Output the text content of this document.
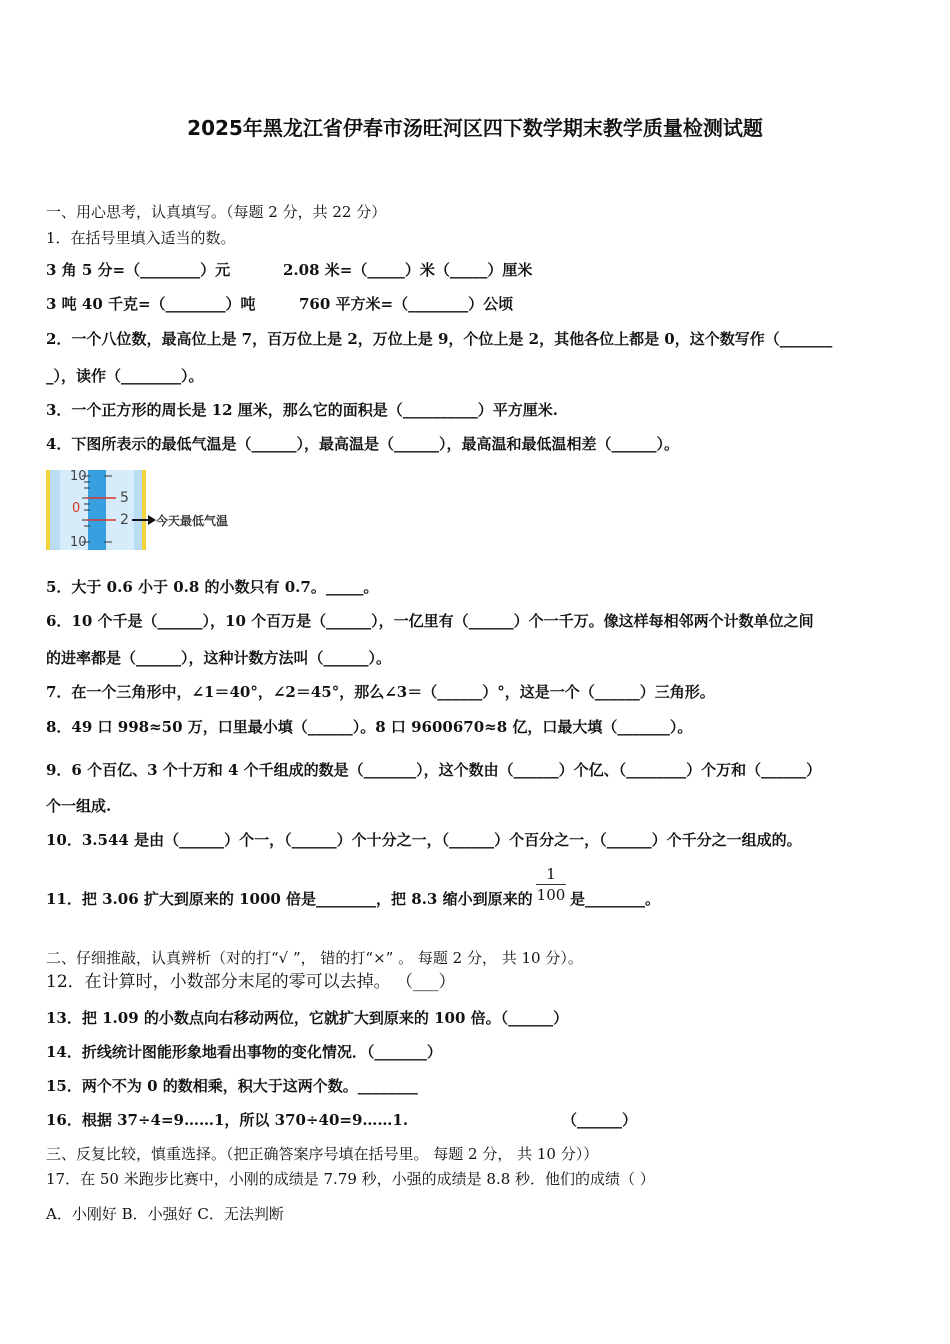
2025年黑龙江省伊春市汤旺河区四下数学期末教学质量检测试题
一、用心思考，认真填写。（每题 2 分，共 22 分）
1．在括号里填入适当的数。
3 角 5 分=（________）元	2.08 米=（_____）米（_____）厘米
3 吨 40 千克=（________）吨	760 平方米=（________）公顷
2．一个八位数，最高位上是 7，百万位上是 2，万位上是 9，个位上是 2，其他各位上都是 0，这个数写作（_______
_），读作（________）。
3．一个正方形的周长是 12 厘米，那么它的面积是（__________）平方厘米.
4．下图所表示的最低气温是（______），最高温是（______），最高温和最低温相差（______）。
10
5
0
2
10
今天最低气温
5．大于 0.6 小于 0.8 的小数只有 0.7。_____。
6．10 个千是（______），10 个百万是（______），一亿里有（______）个一千万。像这样每相邻两个计数单位之间
的进率都是（______），这种计数方法叫（______）。
7．在一个三角形中，∠1＝40°，∠2＝45°，那么∠3＝（______）°，这是一个（______）三角形。
8．49 口 998≈50 万，口里最小填（______）。8 口 9600670≈8 亿，口最大填（_______）。
9．6 个百亿、3 个十万和 4 个千组成的数是（_______），这个数由（______）个亿、（________）个万和（______）
个一组成.
10．3.544 是由（______）个一，（______）个十分之一，（______）个百分之一，（______）个千分之一组成的。
11．把 3.06 扩大到原来的 1000 倍是________，把 8.3 缩小到原来的
1
100 是________。
二、仔细推敲，认真辨析（对的打“√ ”， 错的打“×” 。 每题 2 分， 共 10 分）。
12．在计算时，小数部分末尾的零可以去掉。 （___）
13．把 1.09 的小数点向右移动两位，它就扩大到原来的 100 倍。（______）
14．折线统计图能形象地看出事物的变化情况．（_______）
15．两个不为 0 的数相乘，积大于这两个数。________
16．根据 37÷4=9……1，所以 370÷40=9……1.	（______）
三、反复比较，慎重选择。（把正确答案序号填在括号里。 每题 2 分， 共 10 分））
17．在 50 米跑步比赛中，小刚的成绩是 7.79 秒，小强的成绩是 8.8 秒．他们的成绩（ ）
A．小刚好 B．小强好 C．无法判断
